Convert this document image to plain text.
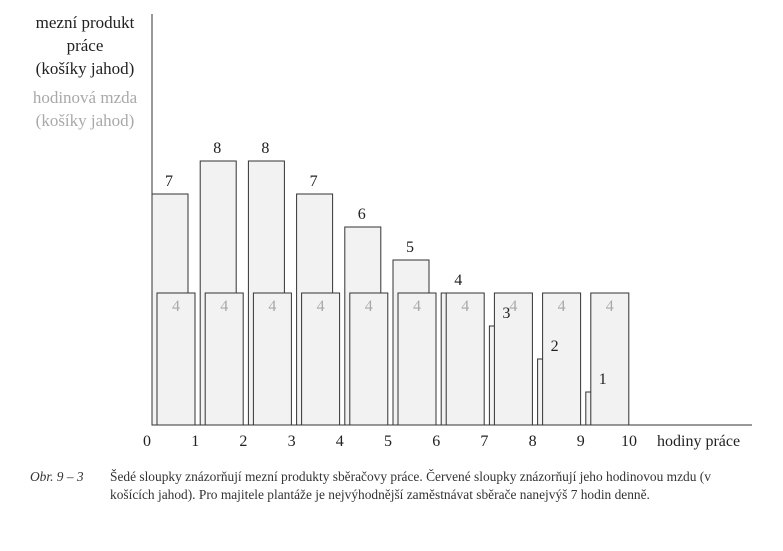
mezní produkt
práce
(košíky jahod)
hodinová mzda
(košíky jahod)
7
8	8
7
6
5
4
3
2
1
4	4	4	4	4	4	4	4	4	4
0	1	2	3	4	5	6	7	8	9 10 hodiny práce
Obr. 9 – 3 Šedé sloupky znázorňují mezní produkty sběračovy práce. Červené sloupky znázorňují jeho hodinovou mzdu (v košících jahod). Pro majitele plantáže je nejvýhodnější zaměstnávat sběrače nanejvýš 7 hodin denně.
